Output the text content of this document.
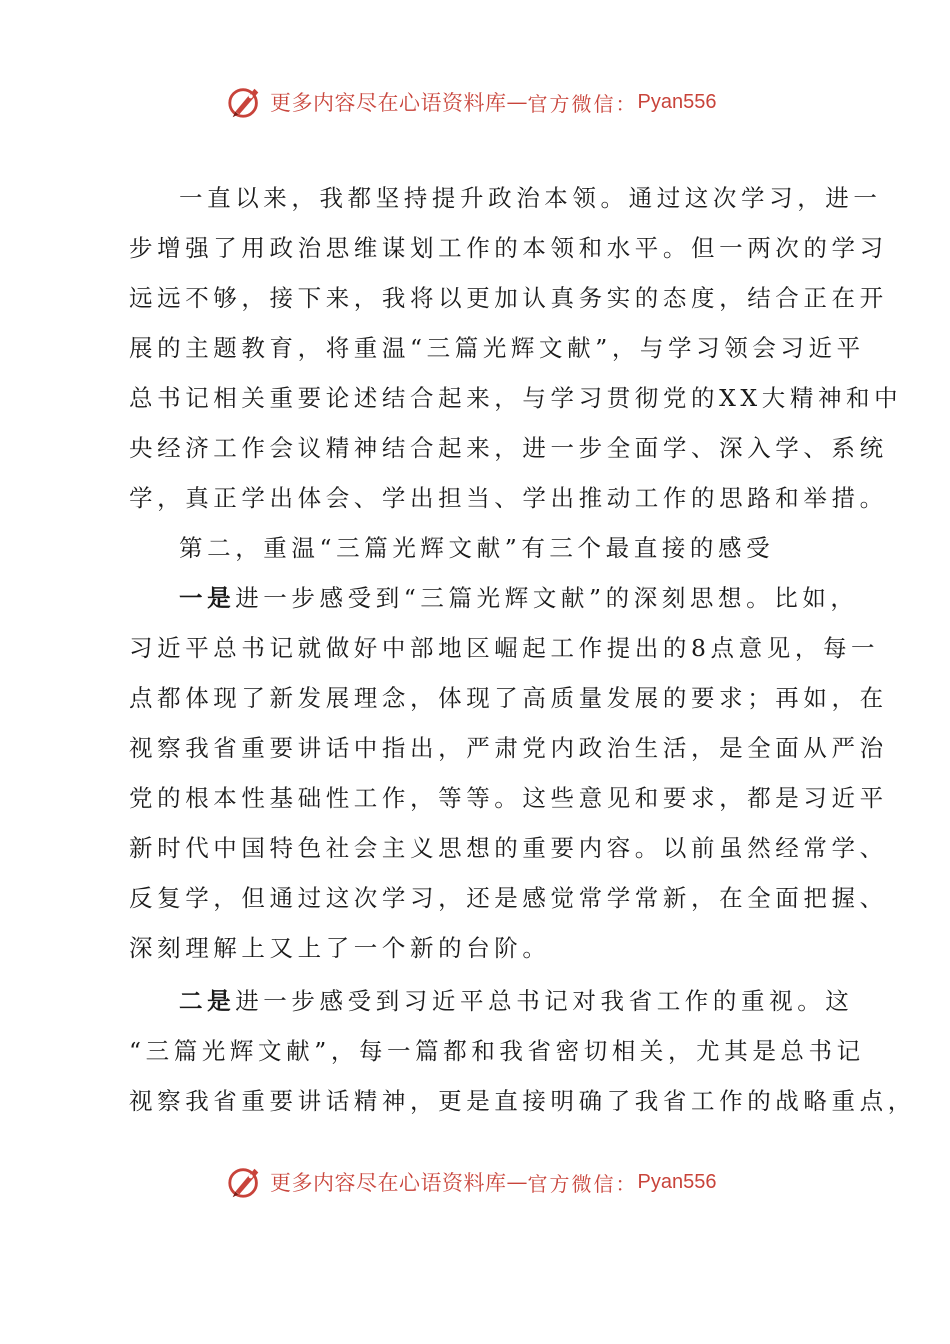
更多内容尽在心语资料库 — 官方微信： Pyan556
一直以来，我都坚持提升政治本领。通过这次学习，进一
步增强了用政治思维谋划工作的本领和水平。但一两次的学习
远远不够，接下来，我将以更加认真务实的态度，结合正在开
展的主题教育，将重温“三篇光辉文献”，与学习领会习近平
总书记相关重要论述结合起来，与学习贯彻党的XX大精神和中
央经济工作会议精神结合起来，进一步全面学、深入学、系统
学，真正学出体会、学出担当、学出推动工作的思路和举措。
第二，重温“三篇光辉文献”有三个最直接的感受
一是进一步感受到“三篇光辉文献”的深刻思想。比如，
习近平总书记就做好中部地区崛起工作提出的8点意见，每一
点都体现了新发展理念，体现了高质量发展的要求；再如，在
视察我省重要讲话中指出，严肃党内政治生活，是全面从严治
党的根本性基础性工作，等等。这些意见和要求，都是习近平
新时代中国特色社会主义思想的重要内容。以前虽然经常学、
反复学，但通过这次学习，还是感觉常学常新，在全面把握、
深刻理解上又上了一个新的台阶。
二是进一步感受到习近平总书记对我省工作的重视。这
“三篇光辉文献”，每一篇都和我省密切相关，尤其是总书记
视察我省重要讲话精神，更是直接明确了我省工作的战略重点，
更多内容尽在心语资料库 — 官方微信： Pyan556
